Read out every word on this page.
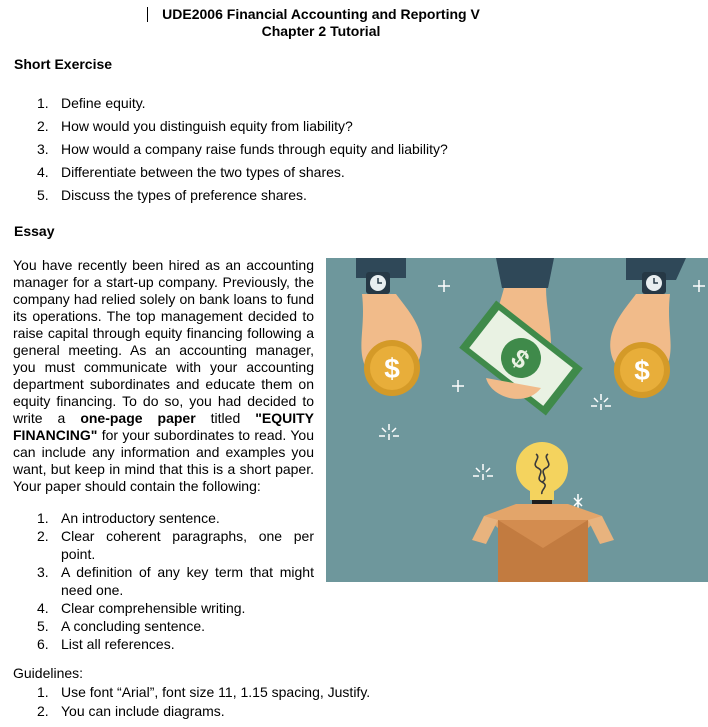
UDE2006 Financial Accounting and Reporting V
Chapter 2 Tutorial
Short Exercise
1. Define equity.
2. How would you distinguish equity from liability?
3. How would a company raise funds through equity and liability?
4. Differentiate between the two types of shares.
5. Discuss the types of preference shares.
Essay
You have recently been hired as an accounting manager for a start-up company. Previously, the company had relied solely on bank loans to fund its operations. The top management decided to raise capital through equity financing following a general meeting. As an accounting manager, you must communicate with your accounting department subordinates and educate them on equity financing. To do so, you had decided to write a one-page paper titled "EQUITY FINANCING" for your subordinates to read. You can include any information and examples you want, but keep in mind that this is a short paper. Your paper should contain the following:
1. An introductory sentence.
2. Clear coherent paragraphs, one per point.
3. A definition of any key term that might need one.
4. Clear comprehensible writing.
5. A concluding sentence.
6. List all references.
Guidelines:
1. Use font “Arial”, font size 11, 1.15 spacing, Justify.
2. You can include diagrams.
$	$
$
